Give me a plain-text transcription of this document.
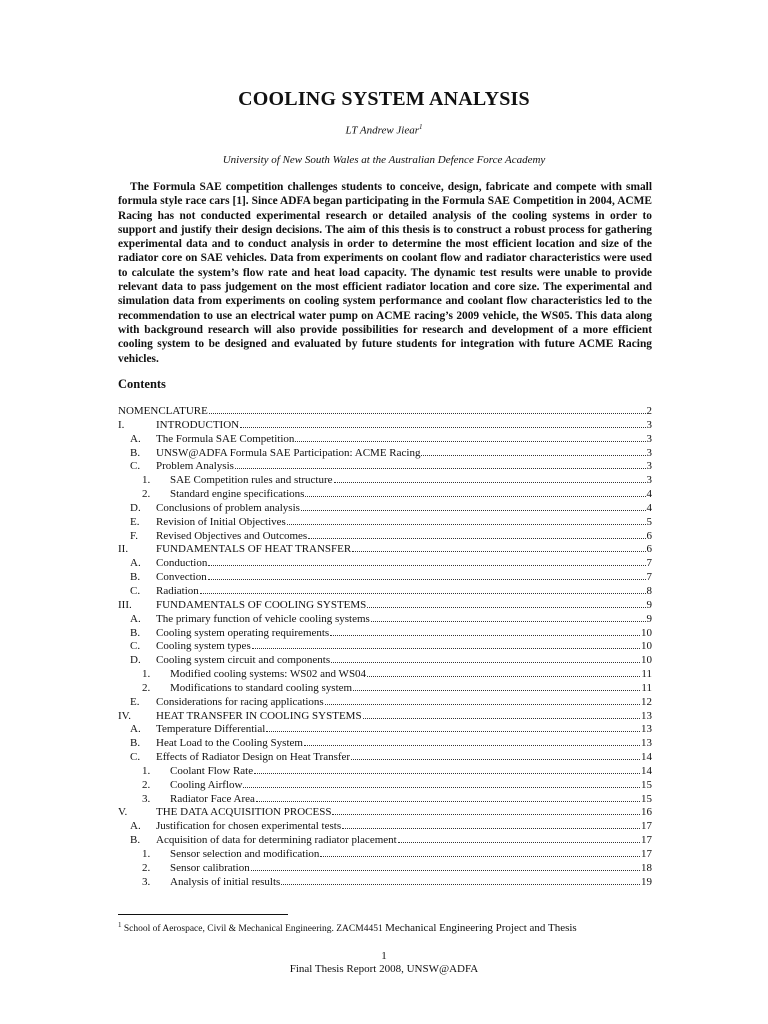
COOLING SYSTEM ANALYSIS
LT Andrew Jiear$^1$
University of New South Wales at the Australian Defence Force Academy

The Formula SAE competition challenges students to conceive, design, fabricate and compete with small formula style race cars [1]. Since ADFA began participating in the Formula SAE Competition in 2004, ACME Racing has not conducted experimental research or detailed analysis of the cooling systems in order to support and justify their design decisions. The aim of this thesis is to construct a robust process for gathering experimental data and to conduct analysis in order to determine the most efficient location and size of the radiator core on SAE vehicles. Data from experiments on coolant flow and radiator characteristics were used to calculate the system’s flow rate and heat load capacity. The dynamic test results were unable to provide relevant data to pass judgement on the most efficient radiator location and core size. The experimental and simulation data from experiments on cooling system performance and coolant flow characteristics led to the recommendation to use an electrical water pump on ACME racing’s 2009 vehicle, the WS05. This data along with background research will also provide possibilities for research and development of a more efficient cooling system to be designed and evaluated by future students for integration with future ACME Racing vehicles.

Contents
NOMENCLATURE	2
I.	INTRODUCTION	3
A.	The Formula SAE Competition	3
B.	UNSW@ADFA Formula SAE Participation: ACME Racing	3
C.	Problem Analysis	3
1.	SAE Competition rules and structure	3
2.	Standard engine specifications	4
D.	Conclusions of problem analysis	4
E.	Revision of Initial Objectives	5
F.	Revised Objectives and Outcomes	6
II.	FUNDAMENTALS OF HEAT TRANSFER	6
A.	Conduction	7
B.	Convection	7
C.	Radiation	8
III.	FUNDAMENTALS OF COOLING SYSTEMS	9
A.	The primary function of vehicle cooling systems	9
B.	Cooling system operating requirements	10
C.	Cooling system types	10
D.	Cooling system circuit and components	10
1.	Modified cooling systems: WS02 and WS04	11
2.	Modifications to standard cooling system	11
E.	Considerations for racing applications	12
IV.	HEAT TRANSFER IN COOLING SYSTEMS	13
A.	Temperature Differential	13
B.	Heat Load to the Cooling System	13
C.	Effects of Radiator Design on Heat Transfer	14
1.	Coolant Flow Rate	14
2.	Cooling Airflow	15
3.	Radiator Face Area	15
V.	THE DATA ACQUISITION PROCESS	16
A.	Justification for chosen experimental tests	17
B.	Acquisition of data for determining radiator placement	17
1.	Sensor selection and modification	17
2.	Sensor calibration	18
3.	Analysis of initial results	19
$^1$ School of Aerospace, Civil & Mechanical Engineering. ZACM4451 Mechanical Engineering Project and Thesis
1
Final Thesis Report 2008, UNSW@ADFA
